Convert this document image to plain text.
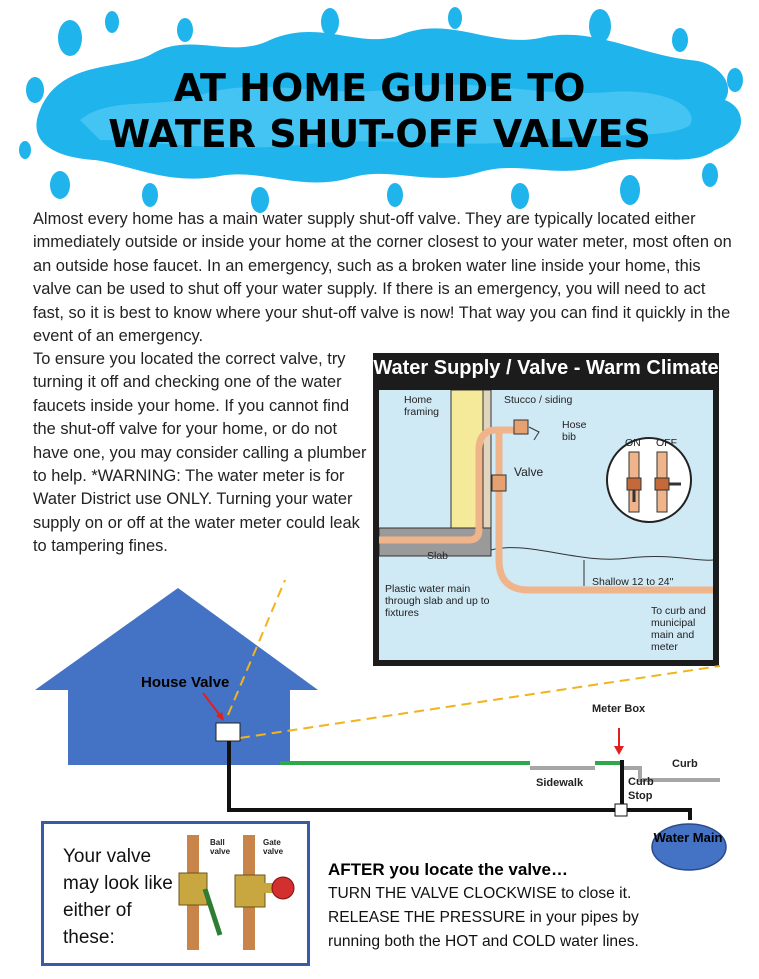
AT HOME GUIDE TO
WATER SHUT-OFF VALVES
Almost every home has a main water supply shut-off valve. They are typically located either immediately outside or inside your home at the corner closest to your water meter, most often on an outside hose faucet. In an emergency, such as a broken water line inside your home, this valve can be used to shut off your water supply. If there is an emergency, you will need to act fast, so it is best to know where your shut-off valve is now! That way you can find it quickly in the event of an emergency.
To ensure you located the correct valve, try turning it off and checking one of the water faucets inside your home. If you cannot find the shut-off valve for your home, or do not have one, you may consider calling a plumber to help. *WARNING: The water meter is for Water District use ONLY. Turning your water supply on or off at the water meter could leak to tampering fines.
Water Supply / Valve - Warm Climate
Home framing
Stucco / siding
Hose bib
Valve
ON OFF
Slab
Plastic water main through slab and up to fixtures
Shallow 12 to 24"
To curb and municipal main and meter
House Valve
Meter Box
Curb
Sidewalk	Curb Stop
Water Main
Your valve may look like either of these:
Ball valve
Gate valve
AFTER you locate the valve…
TURN THE VALVE CLOCKWISE to close it.
RELEASE THE PRESSURE in your pipes by
running both the HOT and COLD water lines.
